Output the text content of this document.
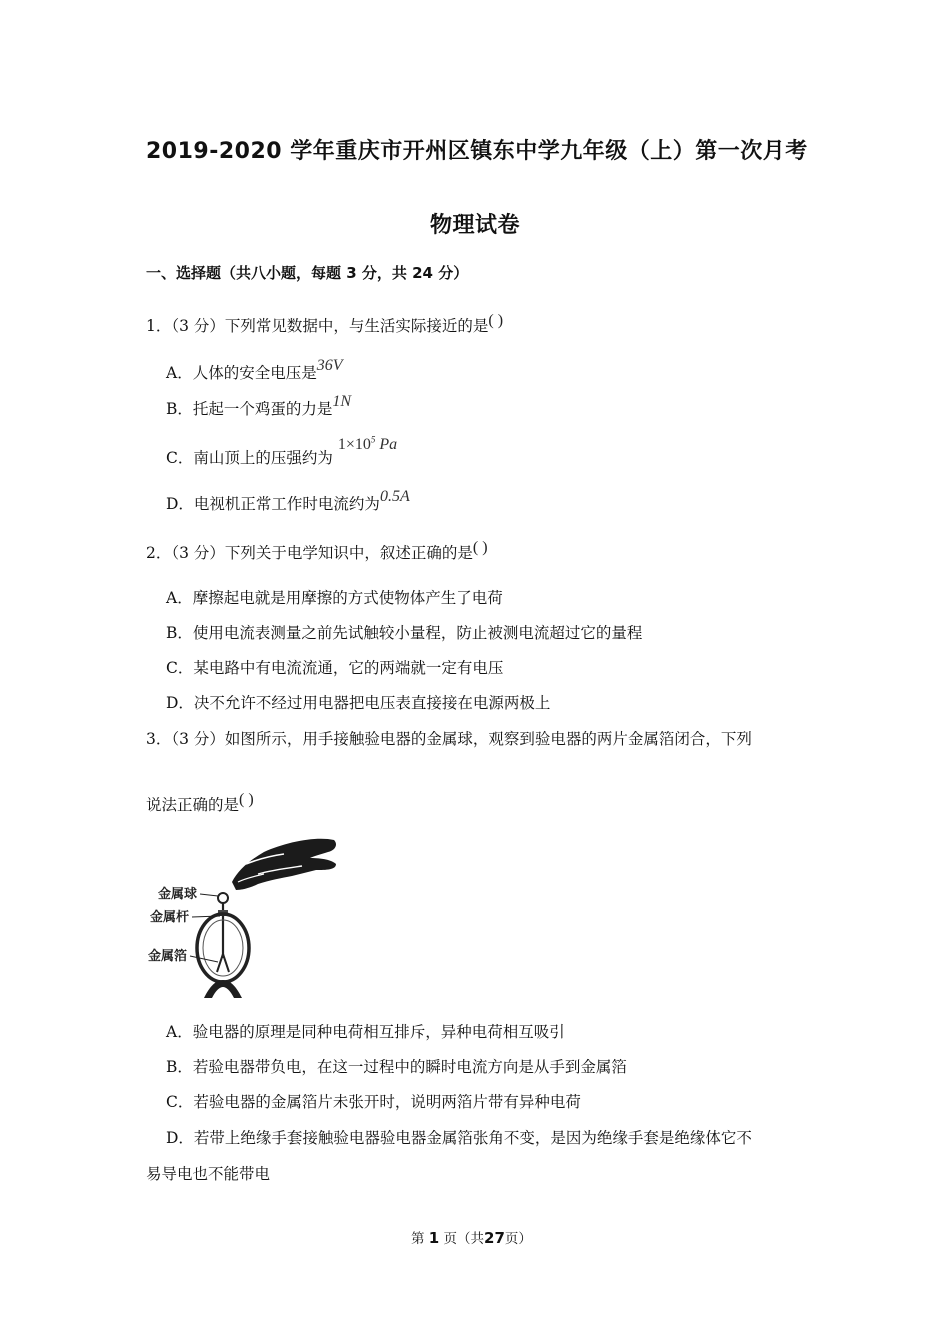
2019-2020 学年重庆市开州区镇东中学九年级（上）第一次月考
物理试卷
一、选择题（共八小题，每题 3 分，共 24 分）
1．（3 分）下列常见数据中，与生活实际接近的是( )
A．人体的安全电压是36V
B．托起一个鸡蛋的力是1N
C．南山顶上的压强约为 $1\times 10^5$ Pa
D．电视机正常工作时电流约为0.5A
2．（3 分）下列关于电学知识中，叙述正确的是( )
A．摩擦起电就是用摩擦的方式使物体产生了电荷
B．使用电流表测量之前先试触较小量程，防止被测电流超过它的量程
C．某电路中有电流流通，它的两端就一定有电压
D．决不允许不经过用电器把电压表直接接在电源两极上
3．（3 分）如图所示，用手接触验电器的金属球，观察到验电器的两片金属箔闭合，下列
说法正确的是( )
金属球
金属杆
金属箔
A．验电器的原理是同种电荷相互排斥，异种电荷相互吸引
B．若验电器带负电，在这一过程中的瞬时电流方向是从手到金属箔
C．若验电器的金属箔片未张开时，说明两箔片带有异种电荷
D．若带上绝缘手套接触验电器验电器金属箔张角不变，是因为绝缘手套是绝缘体它不
易导电也不能带电
第 1 页（共27页）
